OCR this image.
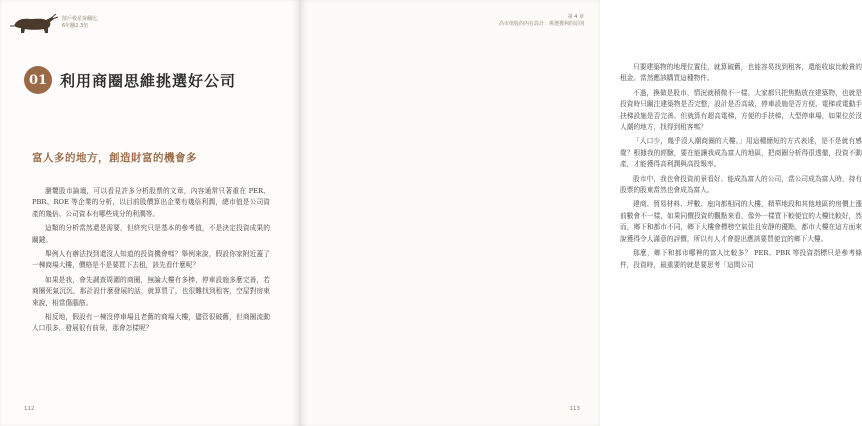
散戶救星拚翻比，
6年翻2.3倍
01 利用商圈思維挑選好公司
富人多的地方，創造財富的機會多

瀏覽股市論壇，可以看見許多分析股票的文章，內容通常只著重在 PER、PBR、ROE 等企業的分析，以目前股價算出企業有幾倍利潤，總市值是公司資產的幾倍、公司資本有哪些成分的利潤等。

這類的分析當然還是需要，但終究只是基本的參考值，不是決定投資成果的關鍵。

舉例人有辦法找到還沒人知道的投資機會嗎？舉例來說，假設你家附近蓋了一棟商場大樓，價格是不是要買下去租，該先看什麼呢？

如果是我，會先調查周圍的商圈，無論大樓有多棒，停車設施多麼完善，若商圈死氣沉沉，那計設什麼發展的話，就算買了，也很難找到租客，空屋對房東來說，相當傷腦筋。

相反地，假設有一棟沒停車場且老舊的商場大樓，儘管很破舊，但商圈流動人口很多，發展很有前景，那會怎樣呢？

112
第 4 章
高市值股的內在設計：挑選獲利的原則

只要建築物的地理位置佳，就算破舊，也能容易找到租客，還能收取比較貴的租金。當然應該購買這種物件。

不過，換做是股市，情況就稍微不一樣。大家都只把焦點放在建築物，也就是投資時只關注建築物是否完整，設計是否高級，停車設施是否方便、電梯或電動手扶梯設施是否完善。但就算有超高電梯，方便的手扶梯，大型停車場，如果位於沒人潮的地方，找得到租客嗎？

「人口少，幾乎沒人潮商圈的大樓。」用這種簡短的方式表達，是不是就有感覺？根據我的經驗，要在能讓我成為富人的地區，把商圈分析得很透徹，投資不動產，才能獲得高利潤與高投報率。

股市中，我也會投資前景看好、能成為富人的公司，當公司成為富人時，持有股票的股東當然也會成為富人。

建商、貿易材料、坪數、座向都相同的大樓，精華地段和其他地區的房價上漲前數會不一樣，如果同價投資的觀點來看，像外一樣買下較便宜的大樓比較好，然而，鄉下和都市不同，鄉下大樓會標榜空氣佳且安靜的優點，都市大樓在這方面來說獲得令人滿意的評價，所以有人才會提出應該要買便宜的鄉下大樓。

那麼，鄉下和都市哪裡的富人比較多？ PER、PBR 等投資指標只是參考條件，投資時，最重要的就是要思考「這間公司

113
